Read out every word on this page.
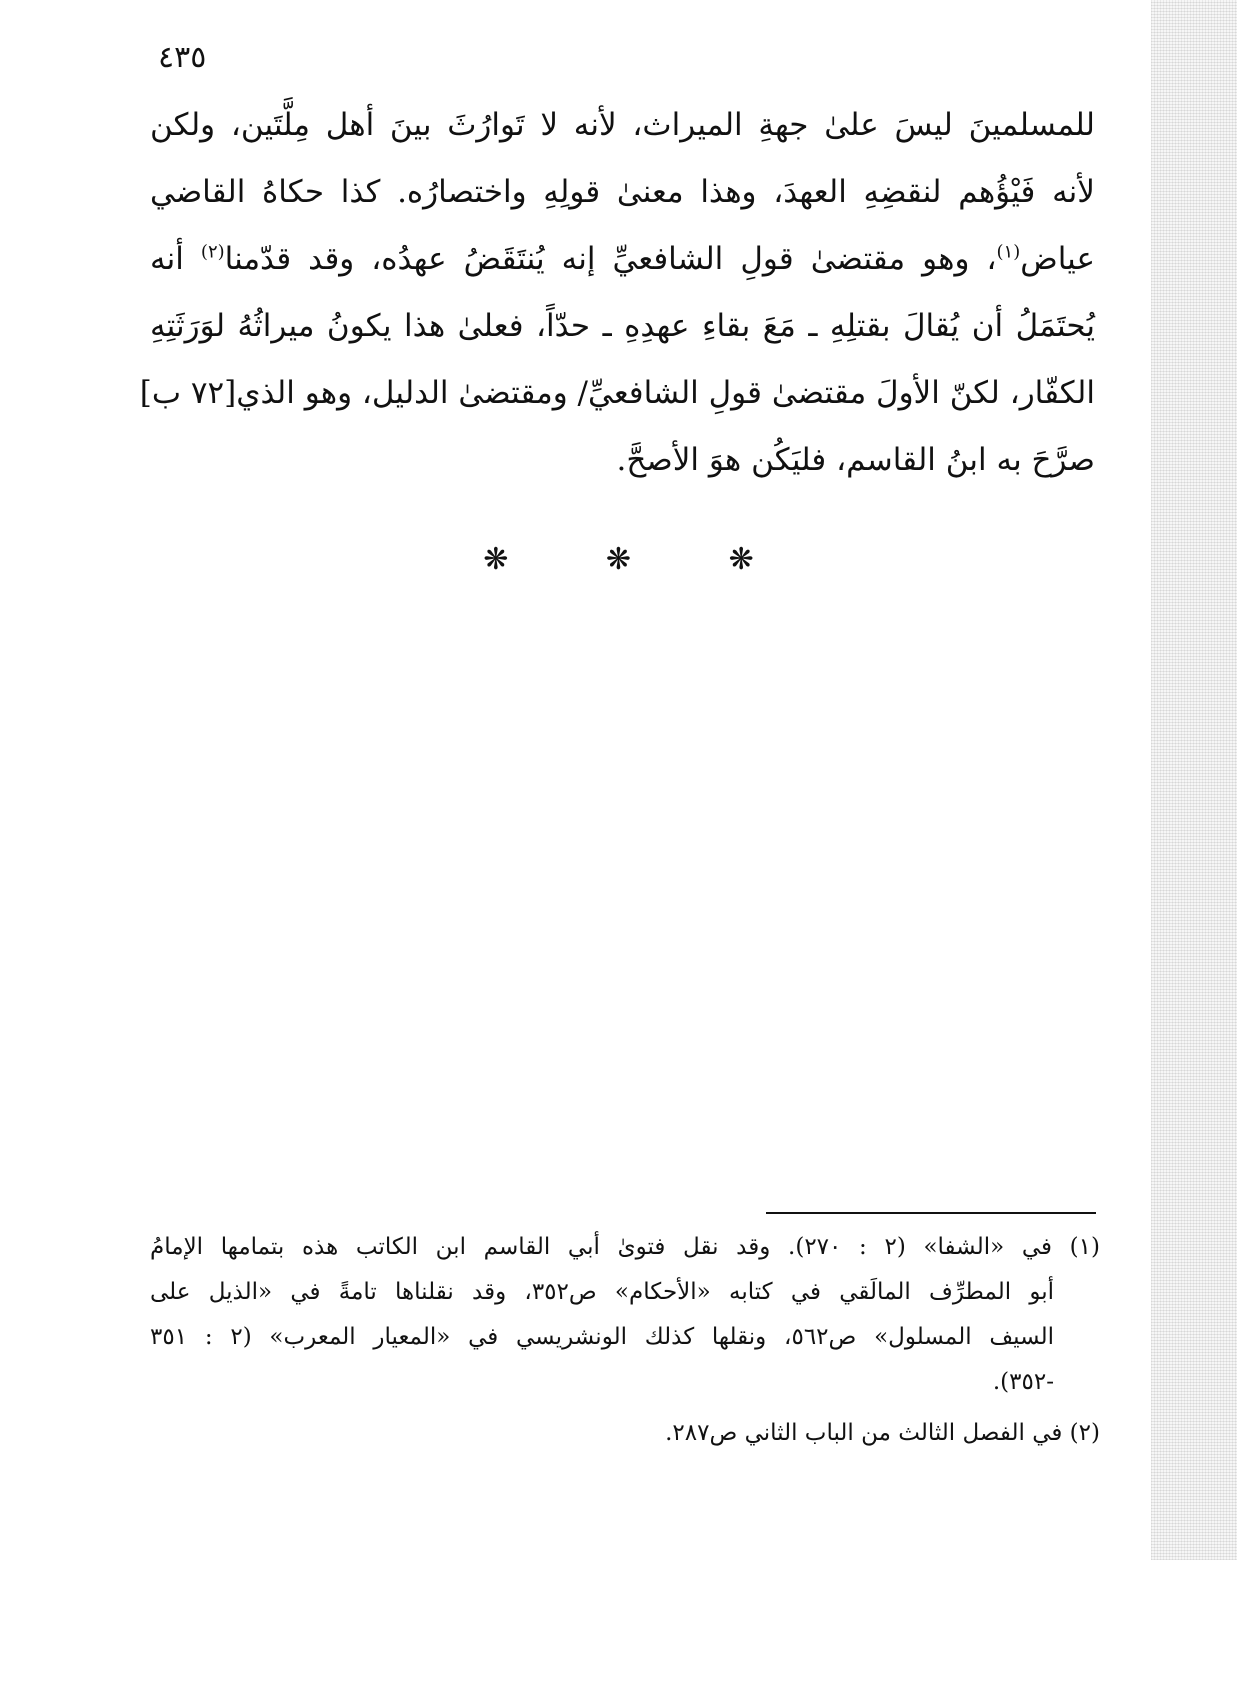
٤٣٥

للمسلمينَ ليسَ علىٰ جهةِ الميراث، لأنه لا تَوارُثَ بينَ أهل مِلَّتَين، ولكن
لأنه فَيْؤُهم لنقضِهِ العهدَ، وهذا معنىٰ قولِهِ واختصارُه. كذا حكاهُ القاضي
عياض$^{(١)}$، وهو مقتضىٰ قولِ الشافعيِّ إنه يُنتَقَضُ عهدُه، وقد قدّمنا$^{(٢)}$ أنه
يُحتَمَلُ أن يُقالَ بقتلِهِ ـ مَعَ بقاءِ عهدِهِ ـ حدّاً، فعلىٰ هذا يكونُ ميراثُهُ لوَرَثَتِهِ
الكفّار، لكنّ الأولَ مقتضىٰ قولِ الشافعيِّ/ ومقتضىٰ الدليل، وهو الذي[٧٢ ب]
صرَّحَ به ابنُ القاسم، فليَكُن هوَ الأصحَّ.

❋	❋	❋
(١) في «الشفا» (٢ : ٢٧٠). وقد نقل فتوىٰ أبي القاسم ابن الكاتب هذه بتمامها الإمامُ
أبو المطرِّف المالَقي في كتابه «الأحكام» ص٣٥٢، وقد نقلناها تامةً في «الذيل على
السيف المسلول» ص٥٦٢، ونقلها كذلك الونشريسي في «المعيار المعرب» (٢ : ٣٥١
-٣٥٢).
(٢) في الفصل الثالث من الباب الثاني ص٢٨٧.
